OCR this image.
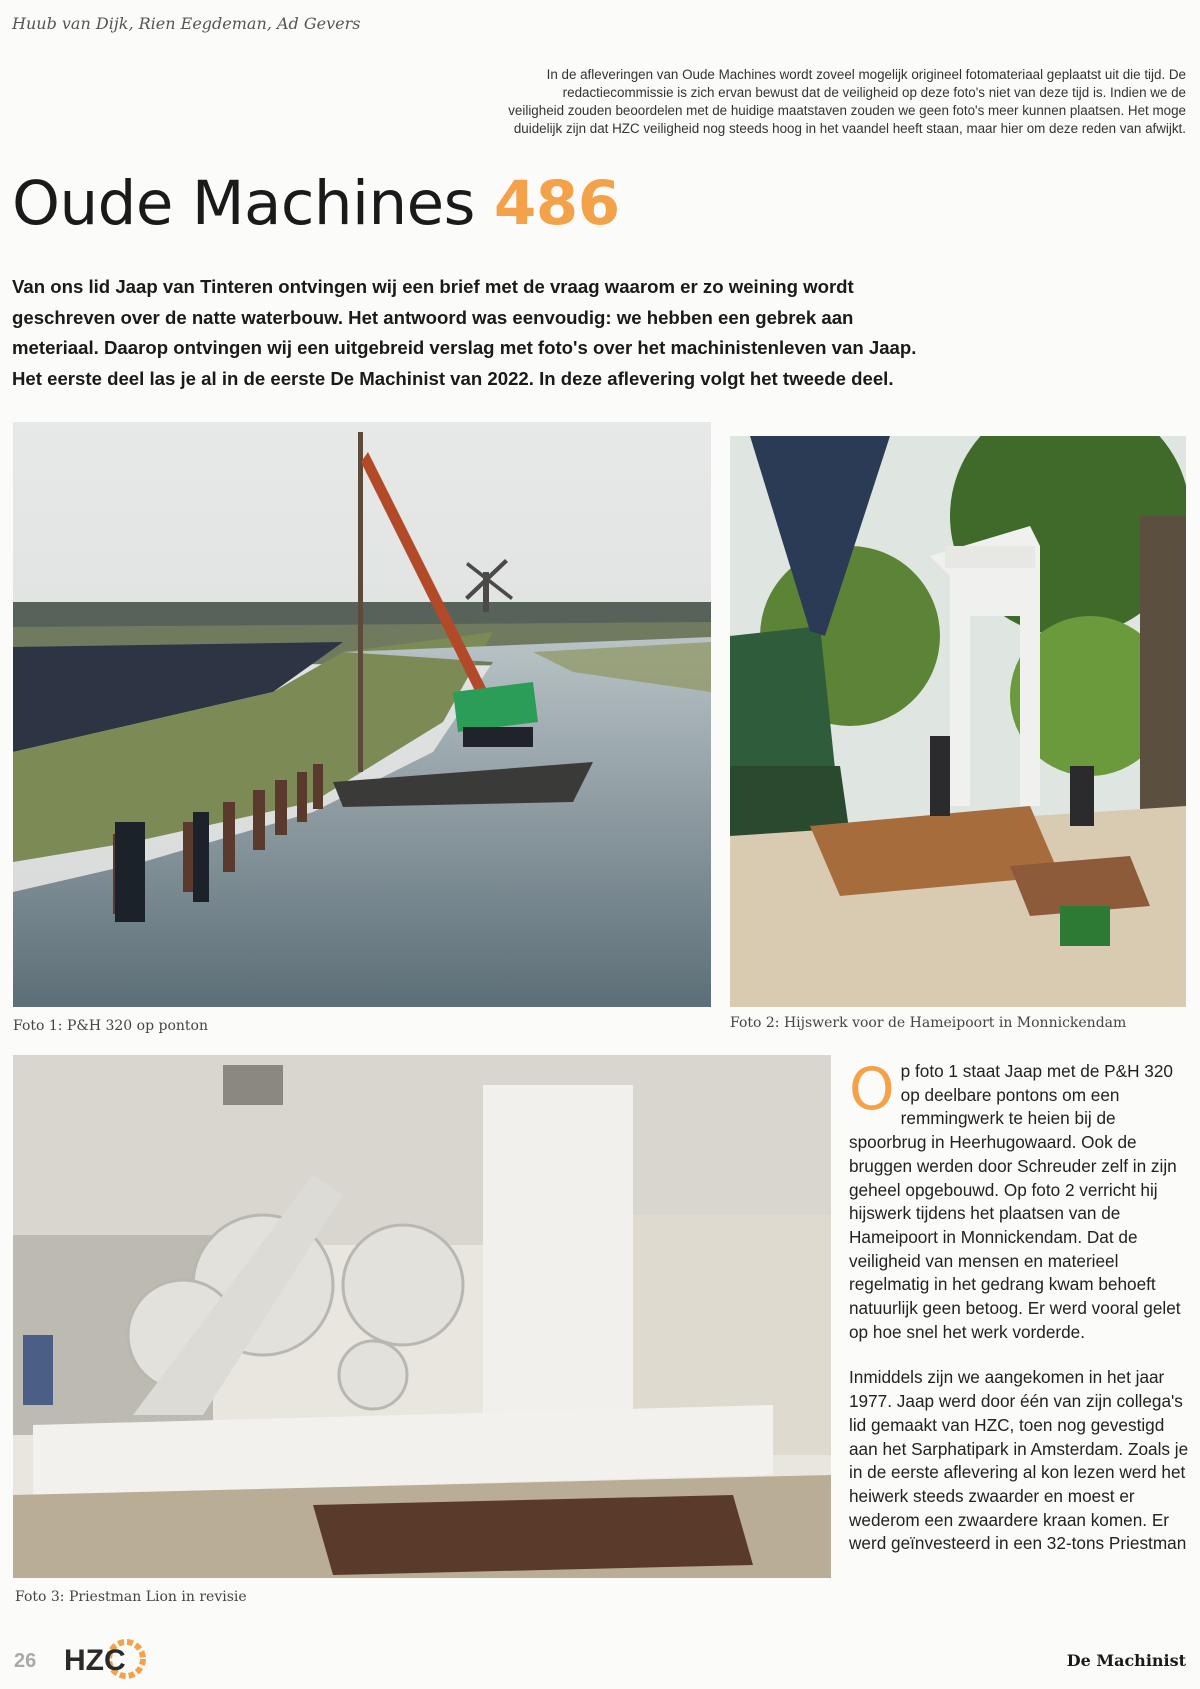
Huub van Dijk, Rien Eegdeman, Ad Gevers
In de afleveringen van Oude Machines wordt zoveel mogelijk origineel fotomateriaal geplaatst uit die tijd. De
redactiecommissie is zich ervan bewust dat de veiligheid op deze foto's niet van deze tijd is. Indien we de
veiligheid zouden beoordelen met de huidige maatstaven zouden we geen foto's meer kunnen plaatsen. Het moge
duidelijk zijn dat HZC veiligheid nog steeds hoog in het vaandel heeft staan, maar hier om deze reden van afwijkt.
Oude Machines 486
Van ons lid Jaap van Tinteren ontvingen wij een brief met de vraag waarom er zo weining wordt
geschreven over de natte waterbouw. Het antwoord was eenvoudig: we hebben een gebrek aan
meteriaal. Daarop ontvingen wij een uitgebreid verslag met foto's over het machinistenleven van Jaap.
Het eerste deel las je al in de eerste De Machinist van 2022. In deze aflevering volgt het tweede deel.
Foto 1: P&H 320 op ponton	Foto 2: Hijswerk voor de Hameipoort in Monnickendam
Foto 3: Priestman Lion in revisie

Op foto 1 staat Jaap met de P&H 320 op deelbare pontons om een remmingwerk te heien bij de spoorbrug in Heerhugowaard. Ook de bruggen werden door Schreuder zelf in zijn geheel opgebouwd. Op foto 2 verricht hij hijswerk tijdens het plaatsen van de Hameipoort in Monnickendam. Dat de veiligheid van mensen en materieel regelmatig in het gedrang kwam behoeft natuurlijk geen betoog. Er werd vooral gelet op hoe snel het werk vorderde.

Inmiddels zijn we aangekomen in het jaar 1977. Jaap werd door één van zijn collega's lid gemaakt van HZC, toen nog gevestigd aan het Sarphatipark in Amsterdam. Zoals je in de eerste aflevering al kon lezen werd het heiwerk steeds zwaarder en moest er wederom een zwaardere kraan komen. Er werd geïnvesteerd in een 32-tons Priestman

26 HZC	De Machinist
